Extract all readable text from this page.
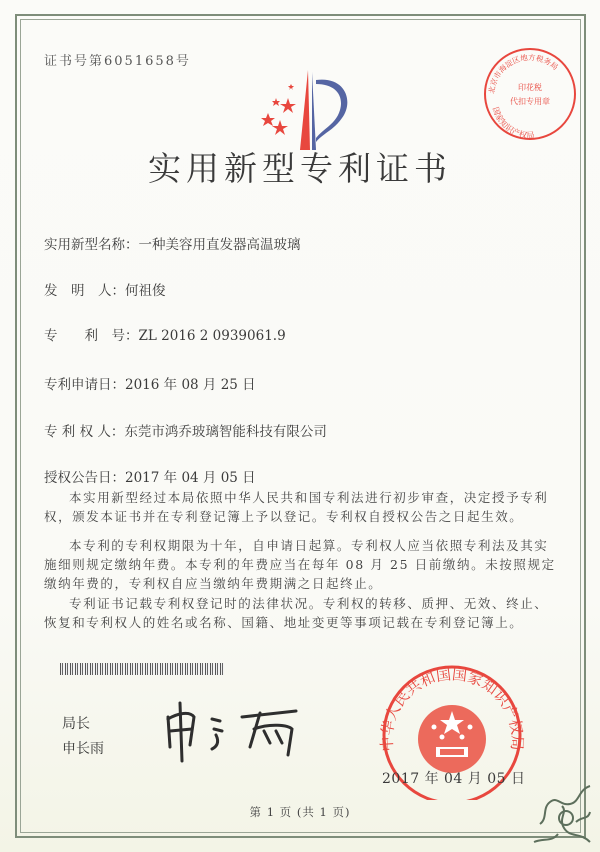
证书号第6051658号
实用新型专利证书
印花税
代扣专用章
北京市海淀区地方税务局
国家知识产权局
实用新型名称：一种美容用直发器高温玻璃
发　明　人：何祖俊
专　　利　号：ZL 2016 2 0939061.9
专利申请日：2016 年 08 月 25 日
专 利 权 人：东莞市鸿乔玻璃智能科技有限公司
授权公告日：2017 年 04 月 05 日
本实用新型经过本局依照中华人民共和国专利法进行初步审查，决定授予专利权，颁发本证书并在专利登记簿上予以登记。专利权自授权公告之日起生效。
本专利的专利权期限为十年，自申请日起算。专利权人应当依照专利法及其实施细则规定缴纳年费。本专利的年费应当在每年 08 月 25 日前缴纳。未按照规定缴纳年费的，专利权自应当缴纳年费期满之日起终止。
专利证书记载专利权登记时的法律状况。专利权的转移、质押、无效、终止、恢复和专利权人的姓名或名称、国籍、地址变更等事项记载在专利登记簿上。
局长
申长雨	中华人民共和国国家知识产权局
2017 年 04 月 05 日
第 1 页 (共 1 页)
